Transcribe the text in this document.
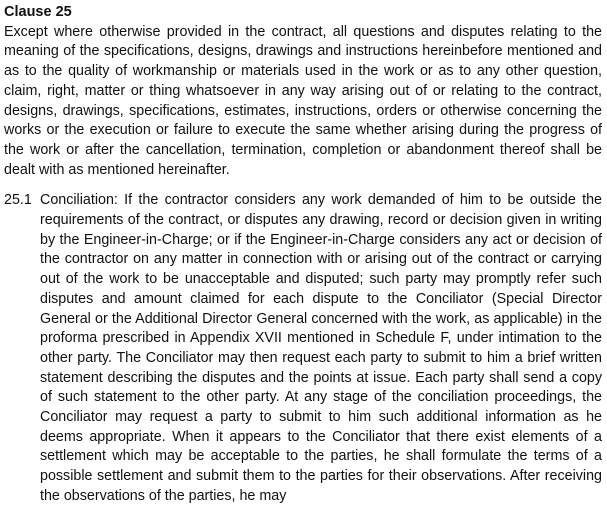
Clause 25

Except where otherwise provided in the contract, all questions and disputes relating to the meaning of the specifications, designs, drawings and instructions hereinbefore mentioned and as to the quality of workmanship or materials used in the work or as to any other question, claim, right, matter or thing whatsoever in any way arising out of or relating to the contract, designs, drawings, specifications, estimates, instructions, orders or otherwise concerning the works or the execution or failure to execute the same whether arising during the progress of the work or after the cancellation, termination, completion or abandonment thereof shall be dealt with as mentioned hereinafter.

25.1 Conciliation: If the contractor considers any work demanded of him to be outside the requirements of the contract, or disputes any drawing, record or decision given in writing by the Engineer-in-Charge; or if the Engineer-in-Charge considers any act or decision of the contractor on any matter in connection with or arising out of the contract or carrying out of the work to be unacceptable and disputed; such party may promptly refer such disputes and amount claimed for each dispute to the Conciliator (Special Director General or the Additional Director General concerned with the work, as applicable) in the proforma prescribed in Appendix XVII mentioned in Schedule F, under intimation to the other party. The Conciliator may then request each party to submit to him a brief written statement describing the disputes and the points at issue. Each party shall send a copy of such statement to the other party. At any stage of the conciliation proceedings, the Conciliator may request a party to submit to him such additional information as he deems appropriate. When it appears to the Conciliator that there exist elements of a settlement which may be acceptable to the parties, he shall formulate the terms of a possible settlement and submit them to the parties for their observations. After receiving the observations of the parties, he may
